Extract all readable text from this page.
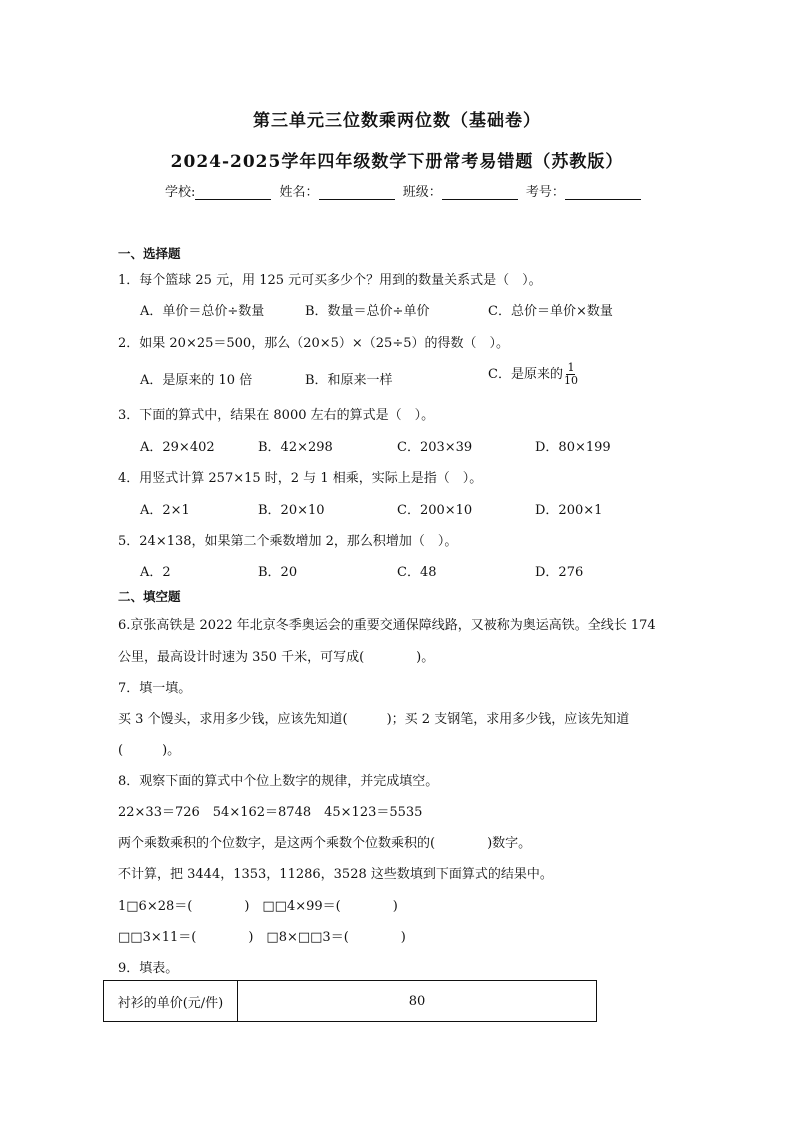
第三单元三位数乘两位数（基础卷）
2024-2025学年四年级数学下册常考易错题（苏教版）
学校:	姓名：	班级：	考号：
一、选择题
1．每个篮球 25 元，用 125 元可买多少个？用到的数量关系式是（　）。
A．单价＝总价÷数量	B．数量＝总价÷单价	C．总价＝单价×数量
2．如果 20×25＝500，那么（20×5）×（25÷5）的得数（　）。
A．是原来的 10 倍	B．和原来一样	C．是原来的 $\frac{1}{10}$
3．下面的算式中，结果在 8000 左右的算式是（　）。
A．29×402	B．42×298	C．203×39	D．80×199
4．用竖式计算 257×15 时，2 与 1 相乘，实际上是指（　）。
A．2×1	B．20×10	C．200×10	D．200×1
5．24×138，如果第二个乘数增加 2，那么积增加（　）。
A．2	B．20	C．48	D．276
二、填空题
6.京张高铁是 2022 年北京冬季奥运会的重要交通保障线路，又被称为奥运高铁。全线长 174
公里，最高设计时速为 350 千米，可写成(　　　　)。
7．填一填。
买 3 个馒头，求用多少钱，应该先知道(　　　)；买 2 支钢笔，求用多少钱，应该先知道
(　　　)。
8．观察下面的算式中个位上数字的规律，并完成填空。
22×33＝726　54×162＝8748　45×123＝5535
两个乘数乘积的个位数字，是这两个乘数个位数乘积的(　　　　)数字。
不计算，把 3444，1353，11286，3528 这些数填到下面算式的结果中。
1□6×28＝(　　　　)　□□4×99＝(　　　　)
□□3×11＝(　　　　)　□8×□□3＝(　　　　)
9．填表。
衬衫的单价(元/件)	80
